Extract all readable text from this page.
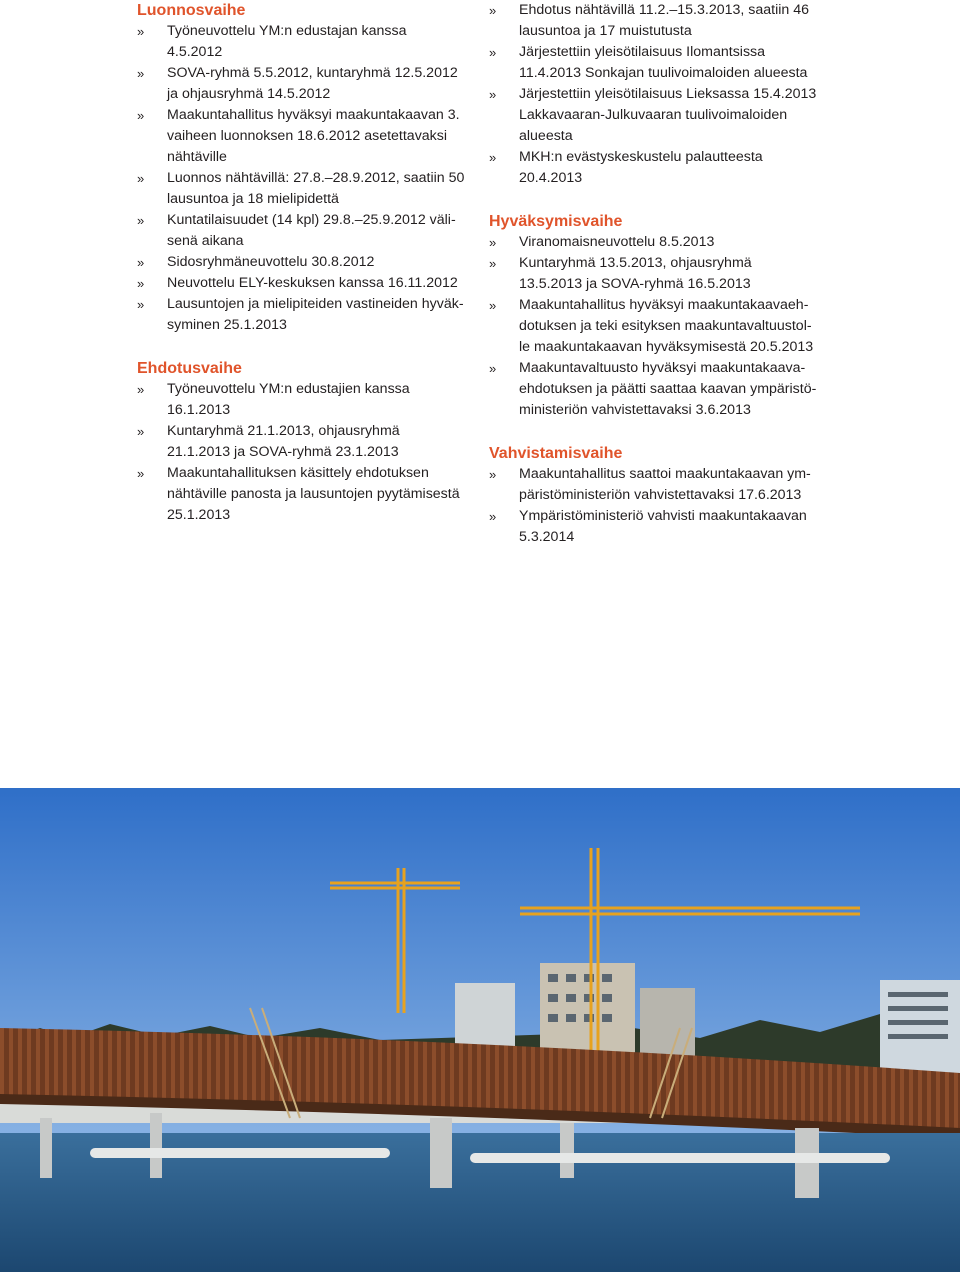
Luonnosvaihe
» Työneuvottelu YM:n edustajan kanssa
4.5.2012
» SOVA-ryhmä 5.5.2012, kuntaryhmä 12.5.2012
ja ohjausryhmä 14.5.2012
» Maakuntahallitus hyväksyi maakuntakaavan 3.
vaiheen luonnoksen 18.6.2012 asetettavaksi
nähtäville
» Luonnos nähtävillä: 27.8.–28.9.2012, saatiin 50
lausuntoa ja 18 mielipidettä
» Kuntatilaisuudet (14 kpl) 29.8.–25.9.2012 väli-
senä aikana
» Sidosryhmäneuvottelu 30.8.2012
» Neuvottelu ELY-keskuksen kanssa 16.11.2012
» Lausuntojen ja mielipiteiden vastineiden hyväk-
syminen 25.1.2013
Ehdotusvaihe
» Työneuvottelu YM:n edustajien kanssa
16.1.2013
» Kuntaryhmä 21.1.2013, ohjausryhmä
21.1.2013 ja SOVA-ryhmä 23.1.2013
» Maakuntahallituksen käsittely ehdotuksen
nähtäville panosta ja lausuntojen pyytämisestä
25.1.2013
» Ehdotus nähtävillä 11.2.–15.3.2013, saatiin 46
lausuntoa ja 17 muistutusta
» Järjestettiin yleisötilaisuus Ilomantsissa
11.4.2013 Sonkajan tuulivoimaloiden alueesta
» Järjestettiin yleisötilaisuus Lieksassa 15.4.2013
Lakkavaaran-Julkuvaaran tuulivoimaloiden
alueesta
» MKH:n evästyskeskustelu palautteesta
20.4.2013
Hyväksymisvaihe
» Viranomaisneuvottelu 8.5.2013
» Kuntaryhmä 13.5.2013, ohjausryhmä
13.5.2013 ja SOVA-ryhmä 16.5.2013
» Maakuntahallitus hyväksyi maakuntakaavaeh-
dotuksen ja teki esityksen maakuntavaltuustol-
le maakuntakaavan hyväksymisestä 20.5.2013
» Maakuntavaltuusto hyväksyi maakuntakaava-
ehdotuksen ja päätti saattaa kaavan ympäristö-
ministeriön vahvistettavaksi 3.6.2013
Vahvistamisvaihe
» Maakuntahallitus saattoi maakuntakaavan ym-
päristöministeriön vahvistettavaksi 17.6.2013
» Ympäristöministeriö vahvisti maakuntakaavan
5.3.2014
